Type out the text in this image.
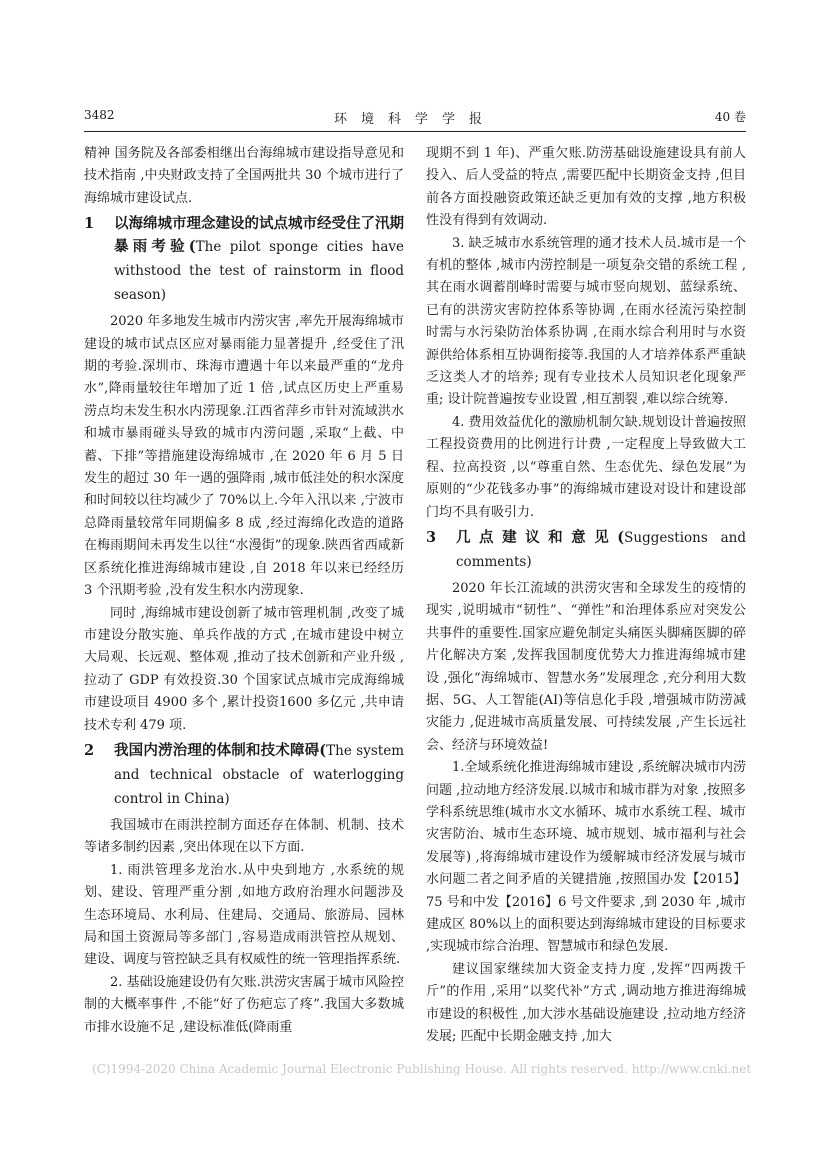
3482	环境科学学报	40 卷

精神 国务院及各部委相继出台海绵城市建设指导意见和技术指南 ,中央财政支持了全国两批共 30 个城市进行了海绵城市建设试点.

1 以海绵城市理念建设的试点城市经受住了汛期暴雨考验(The pilot sponge cities have withstood the test of rainstorm in flood season)

2020 年多地发生城市内涝灾害 ,率先开展海绵城市建设的城市试点区应对暴雨能力显著提升 ,经受住了汛期的考验.深圳市、珠海市遭遇十年以来最严重的“龙舟水”,降雨量较往年增加了近 1 倍 ,试点区历史上严重易涝点均未发生积水内涝现象.江西省萍乡市针对流域洪水和城市暴雨碰头导致的城市内涝问题 ,采取“上截、中蓄、下排”等措施建设海绵城市 ,在 2020 年 6 月 5 日发生的超过 30 年一遇的强降雨 ,城市低洼处的积水深度和时间较以往均减少了 70%以上.今年入汛以来 ,宁波市总降雨量较常年同期偏多 8 成 ,经过海绵化改造的道路在梅雨期间未再发生以往“水漫街”的现象.陕西省西咸新区系统化推进海绵城市建设 ,自 2018 年以来已经经历 3 个汛期考验 ,没有发生积水内涝现象.

同时 ,海绵城市建设创新了城市管理机制 ,改变了城市建设分散实施、单兵作战的方式 ,在城市建设中树立大局观、长远观、整体观 ,推动了技术创新和产业升级 ,拉动了 GDP 有效投资.30 个国家试点城市完成海绵城市建设项目 4900 多个 ,累计投资1600 多亿元 ,共申请技术专利 479 项.

2 我国内涝治理的体制和技术障碍(The system and technical obstacle of waterlogging control in China)

我国城市在雨洪控制方面还存在体制、机制、技术等诸多制约因素 ,突出体现在以下方面.

1. 雨洪管理多龙治水.从中央到地方 ,水系统的规划、建设、管理严重分割 ,如地方政府治理水问题涉及生态环境局、水利局、住建局、交通局、旅游局、园林局和国土资源局等多部门 ,容易造成雨洪管控从规划、建设、调度与管控缺乏具有权威性的统一管理指挥系统.

2. 基础设施建设仍有欠账.洪涝灾害属于城市风险控制的大概率事件 ,不能“好了伤疤忘了疼”.我国大多数城市排水设施不足 ,建设标准低(降雨重

现期不到 1 年)、严重欠账.防涝基础设施建设具有前人投入、后人受益的特点 ,需要匹配中长期资金支持 ,但目前各方面投融资政策还缺乏更加有效的支撑 ,地方积极性没有得到有效调动.

3. 缺乏城市水系统管理的通才技术人员.城市是一个有机的整体 ,城市内涝控制是一项复杂交错的系统工程 ,其在雨水调蓄削峰时需要与城市竖向规划、蓝绿系统、已有的洪涝灾害防控体系等协调 ,在雨水径流污染控制时需与水污染防治体系协调 ,在雨水综合利用时与水资源供给体系相互协调衔接等.我国的人才培养体系严重缺乏这类人才的培养; 现有专业技术人员知识老化现象严重; 设计院普遍按专业设置 ,相互割裂 ,难以综合统筹.

4. 费用效益优化的激励机制欠缺.规划设计普遍按照工程投资费用的比例进行计费 ,一定程度上导致做大工程、拉高投资 ,以“尊重自然、生态优先、绿色发展”为原则的“少花钱多办事”的海绵城市建设对设计和建设部门均不具有吸引力.

3 几点建议和意见(Suggestions and comments)

2020 年长江流域的洪涝灾害和全球发生的疫情的现实 ,说明城市“韧性”、“弹性”和治理体系应对突发公共事件的重要性.国家应避免制定头痛医头脚痛医脚的碎片化解决方案 ,发挥我国制度优势大力推进海绵城市建设 ,强化“海绵城市、智慧水务”发展理念 ,充分利用大数据、5G、人工智能(AI)等信息化手段 ,增强城市防涝减灾能力 ,促进城市高质量发展、可持续发展 ,产生长远社会、经济与环境效益!

1.全域系统化推进海绵城市建设 ,系统解决城市内涝问题 ,拉动地方经济发展.以城市和城市群为对象 ,按照多学科系统思维(城市水文水循环、城市水系统工程、城市灾害防治、城市生态环境、城市规划、城市福利与社会发展等) ,将海绵城市建设作为缓解城市经济发展与城市水问题二者之间矛盾的关键措施 ,按照国办发【2015】75 号和中发【2016】6 号文件要求 ,到 2030 年 ,城市建成区 80%以上的面积要达到海绵城市建设的目标要求 ,实现城市综合治理、智慧城市和绿色发展.

建议国家继续加大资金支持力度 ,发挥“四两拨千斤”的作用 ,采用“以奖代补”方式 ,调动地方推进海绵城市建设的积极性 ,加大涉水基础设施建设 ,拉动地方经济发展; 匹配中长期金融支持 ,加大

(C)1994-2020 China Academic Journal Electronic Publishing House. All rights reserved. http://www.cnki.net
